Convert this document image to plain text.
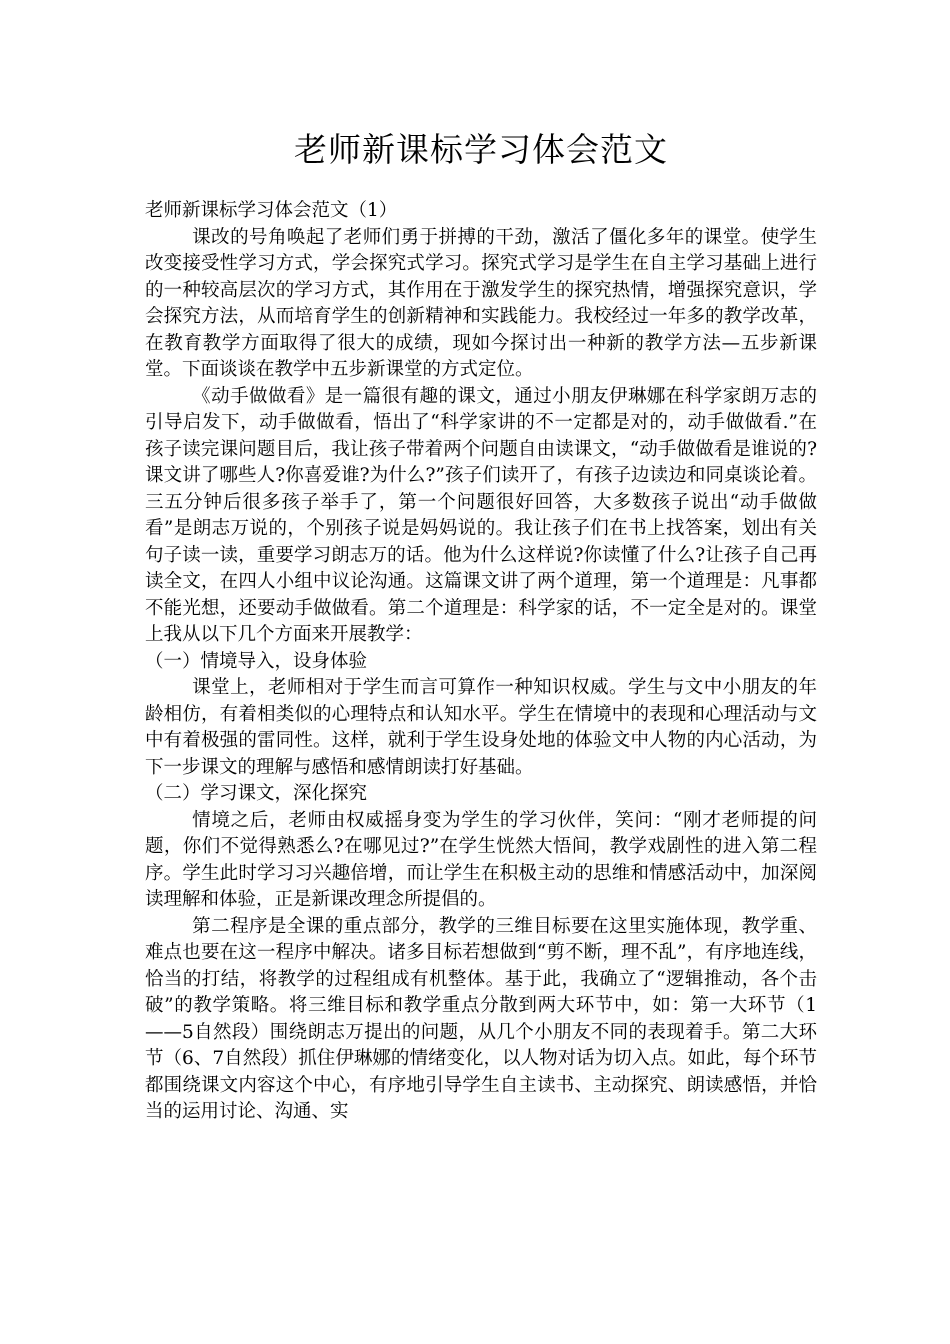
老师新课标学习体会范文

老师新课标学习体会范文（1）

课改的号角唤起了老师们勇于拼搏的干劲，激活了僵化多年的课堂。使学生改变接受性学习方式，学会探究式学习。探究式学习是学生在自主学习基础上进行的一种较高层次的学习方式，其作用在于激发学生的探究热情，增强探究意识，学会探究方法，从而培育学生的创新精神和实践能力。我校经过一年多的教学改革，在教育教学方面取得了很大的成绩，现如今探讨出一种新的教学方法—五步新课堂。下面谈谈在教学中五步新课堂的方式定位。

《动手做做看》是一篇很有趣的课文，通过小朋友伊琳娜在科学家朗万志的引导启发下，动手做做看，悟出了“科学家讲的不一定都是对的，动手做做看.”在孩子读完课问题目后，我让孩子带着两个问题自由读课文，“动手做做看是谁说的?课文讲了哪些人?你喜爱谁?为什么?”孩子们读开了，有孩子边读边和同桌谈论着。三五分钟后很多孩子举手了，第一个问题很好回答，大多数孩子说出“动手做做看”是朗志万说的，个别孩子说是妈妈说的。我让孩子们在书上找答案，划出有关句子读一读，重要学习朗志万的话。他为什么这样说?你读懂了什么?让孩子自己再读全文，在四人小组中议论沟通。这篇课文讲了两个道理，第一个道理是：凡事都不能光想，还要动手做做看。第二个道理是：科学家的话，不一定全是对的。课堂上我从以下几个方面来开展教学：

（一）情境导入，设身体验

课堂上，老师相对于学生而言可算作一种知识权威。学生与文中小朋友的年龄相仿，有着相类似的心理特点和认知水平。学生在情境中的表现和心理活动与文中有着极强的雷同性。这样，就利于学生设身处地的体验文中人物的内心活动，为下一步课文的理解与感悟和感情朗读打好基础。

（二）学习课文，深化探究

情境之后，老师由权威摇身变为学生的学习伙伴，笑问：“刚才老师提的问题，你们不觉得熟悉么?在哪见过?”在学生恍然大悟间，教学戏剧性的进入第二程序。学生此时学习习兴趣倍增，而让学生在积极主动的思维和情感活动中，加深阅读理解和体验，正是新课改理念所提倡的。

第二程序是全课的重点部分，教学的三维目标要在这里实施体现，教学重、难点也要在这一程序中解决。诸多目标若想做到“剪不断，理不乱”，有序地连线，恰当的打结，将教学的过程组成有机整体。基于此，我确立了“逻辑推动，各个击破”的教学策略。将三维目标和教学重点分散到两大环节中，如：第一大环节（1——5自然段）围绕朗志万提出的问题，从几个小朋友不同的表现着手。第二大环节（6、7自然段）抓住伊琳娜的情绪变化，以人物对话为切入点。如此，每个环节都围绕课文内容这个中心，有序地引导学生自主读书、主动探究、朗读感悟，并恰当的运用讨论、沟通、实
